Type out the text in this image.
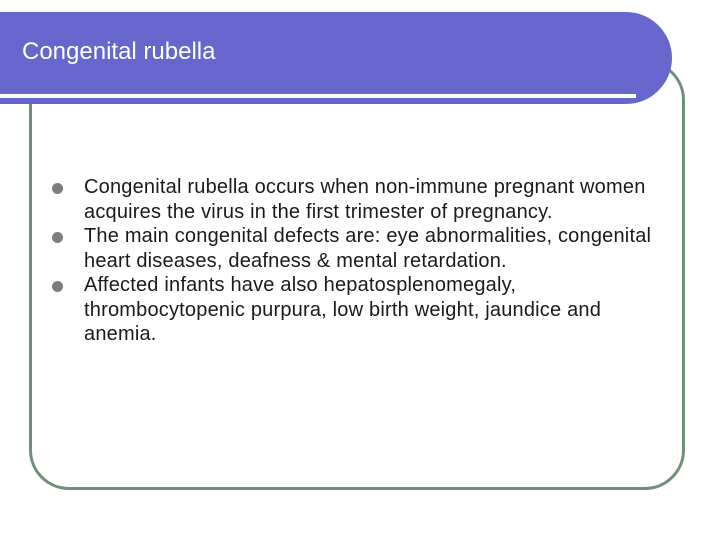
Congenital rubella
Congenital rubella occurs when non-immune pregnant women acquires the virus in the first trimester of pregnancy.
The main congenital defects are: eye abnormalities, congenital heart diseases, deafness & mental retardation.
Affected infants have also hepatosplenomegaly, thrombocytopenic purpura, low birth weight, jaundice and anemia.
